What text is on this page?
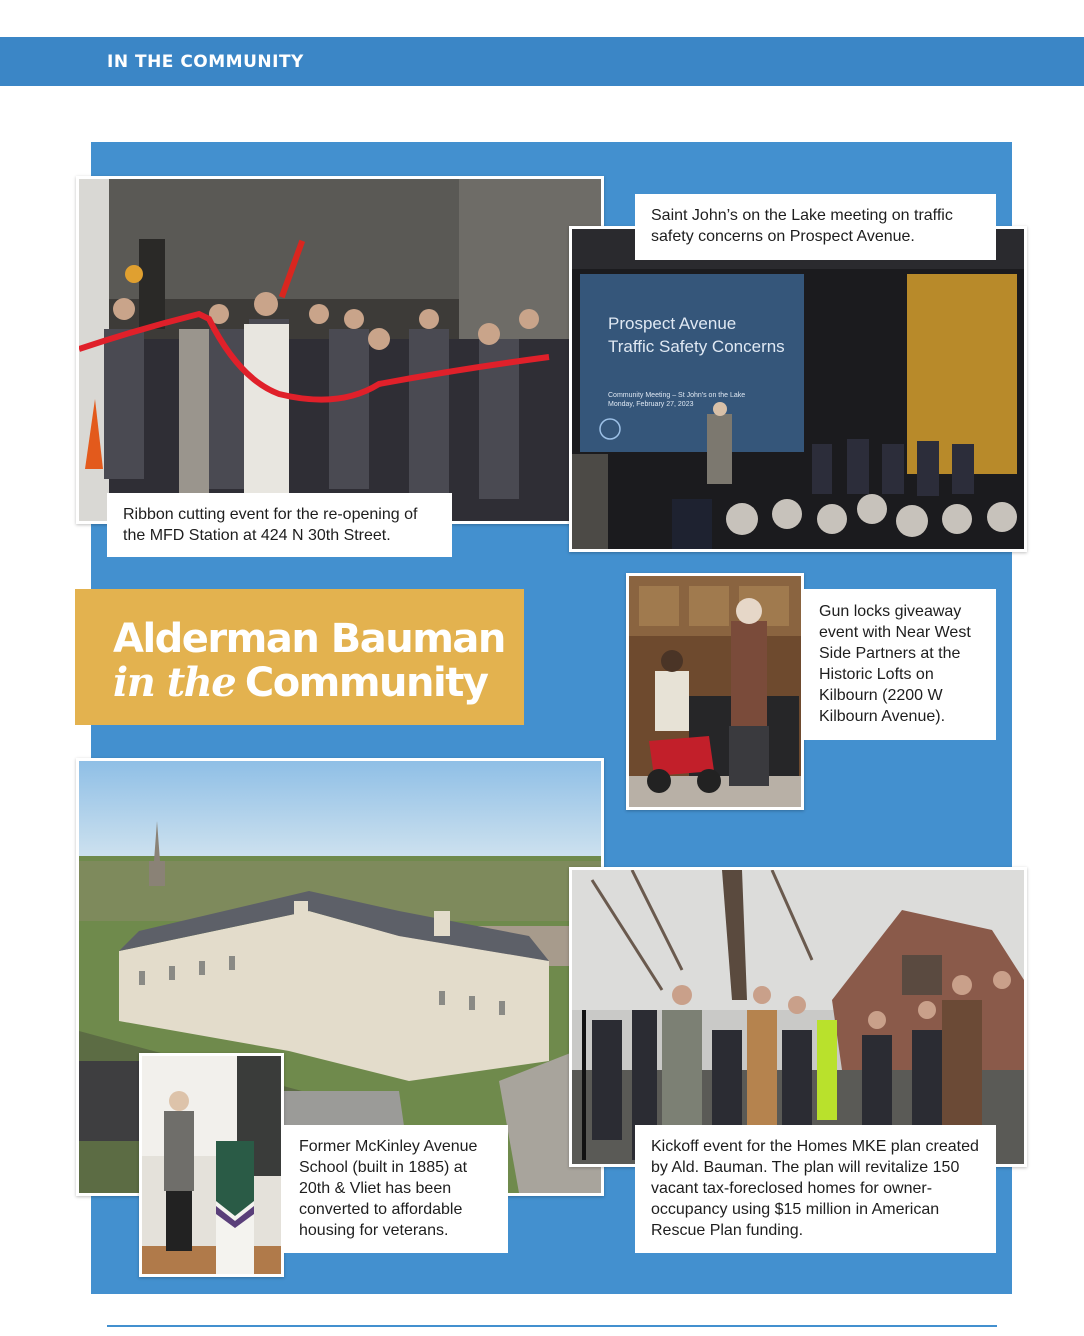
IN THE COMMUNITY
Ribbon cutting event for the re-opening of the MFD Station at 424 N 30th Street.
Prospect Avenue
Traffic Safety Concerns
Community Meeting – St John's on the Lake
Monday, February 27, 2023
Saint John’s on the Lake meeting on traffic safety concerns on Prospect Avenue.
Alderman Bauman
in the Community
Gun locks giveaway event with Near West Side Partners at the Historic Lofts on Kilbourn (2200 W Kilbourn Avenue).
Former McKinley Avenue School (built in 1885) at 20th & Vliet has been converted to affordable housing for veterans.
Kickoff event for the Homes MKE plan created by Ald. Bauman. The plan will revitalize 150 vacant tax-foreclosed homes for owner-occupancy using $15 million in American Rescue Plan funding.
